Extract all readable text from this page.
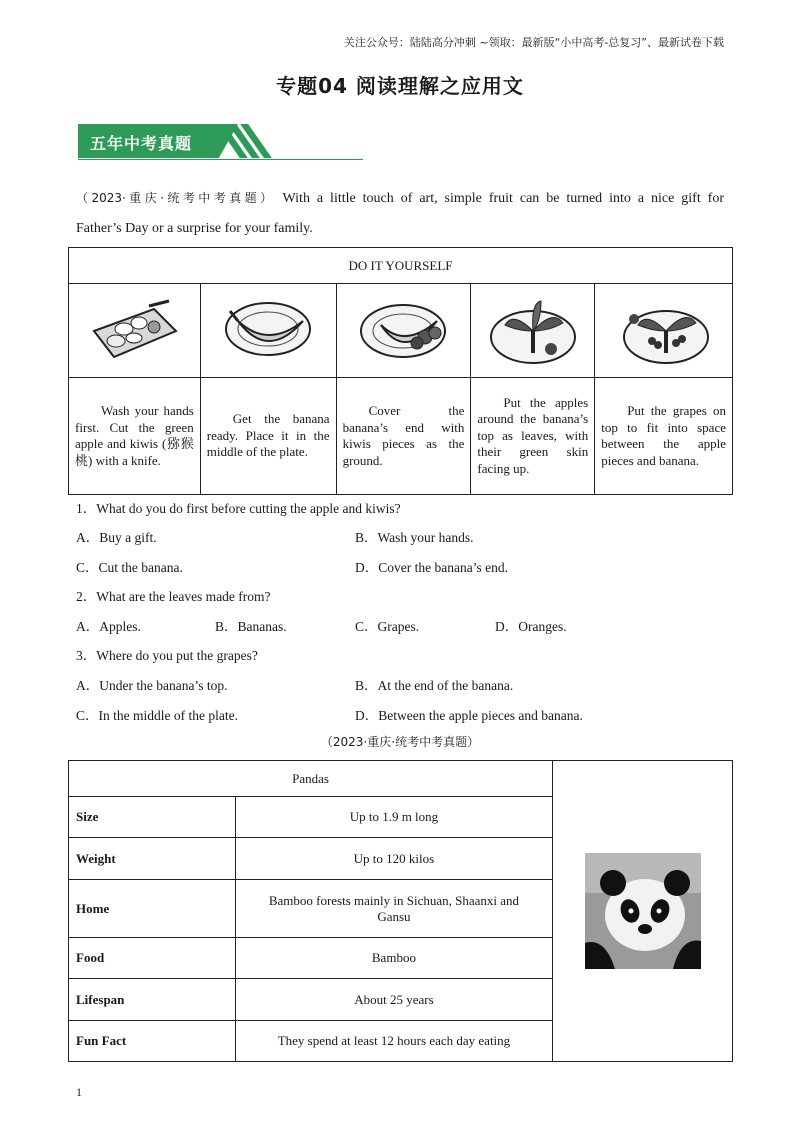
关注公众号：陆陆高分冲刺 ~领取：最新版“小中高考-总复习”、最新试卷下载
专题04 阅读理解之应用文
五年中考真题
（2023·重庆·统考中考真题） With a little touch of art, simple fruit can be turned into a nice gift for
Father’s Day or a surprise for your family.
DO IT YOURSELF				

Wash your hands first. Cut the green apple and kiwis (猕猴桃) with a knife.	Get the banana ready. Place it in the middle of the plate.	Cover the banana’s end with kiwis pieces as the ground.	Put the apples around the banana’s top as leaves, with their green skin facing up.	Put the grapes on top to fit into space between the apple pieces and banana.
1．What do you do first before cutting the apple and kiwis?
A．Buy a gift.	B．Wash your hands.
C．Cut the banana.	D．Cover the banana’s end.
2．What are the leaves made from?
A．Apples.	B．Bananas.	C．Grapes.	D．Oranges.
3．Where do you put the grapes?
A．Under the banana’s top.	B．At the end of the banana.
C．In the middle of the plate.	D．Between the apple pieces and banana.
（2023·重庆·统考中考真题）
Pandas	
Size	Up to 1.9 m long	
Weight	Up to 120 kilos	
Home	Bamboo forests mainly in Sichuan, Shaanxi and Gansu	
Food	Bamboo	
Lifespan	About 25 years	
Fun Fact	They spend at least 12 hours each day eating	
1
